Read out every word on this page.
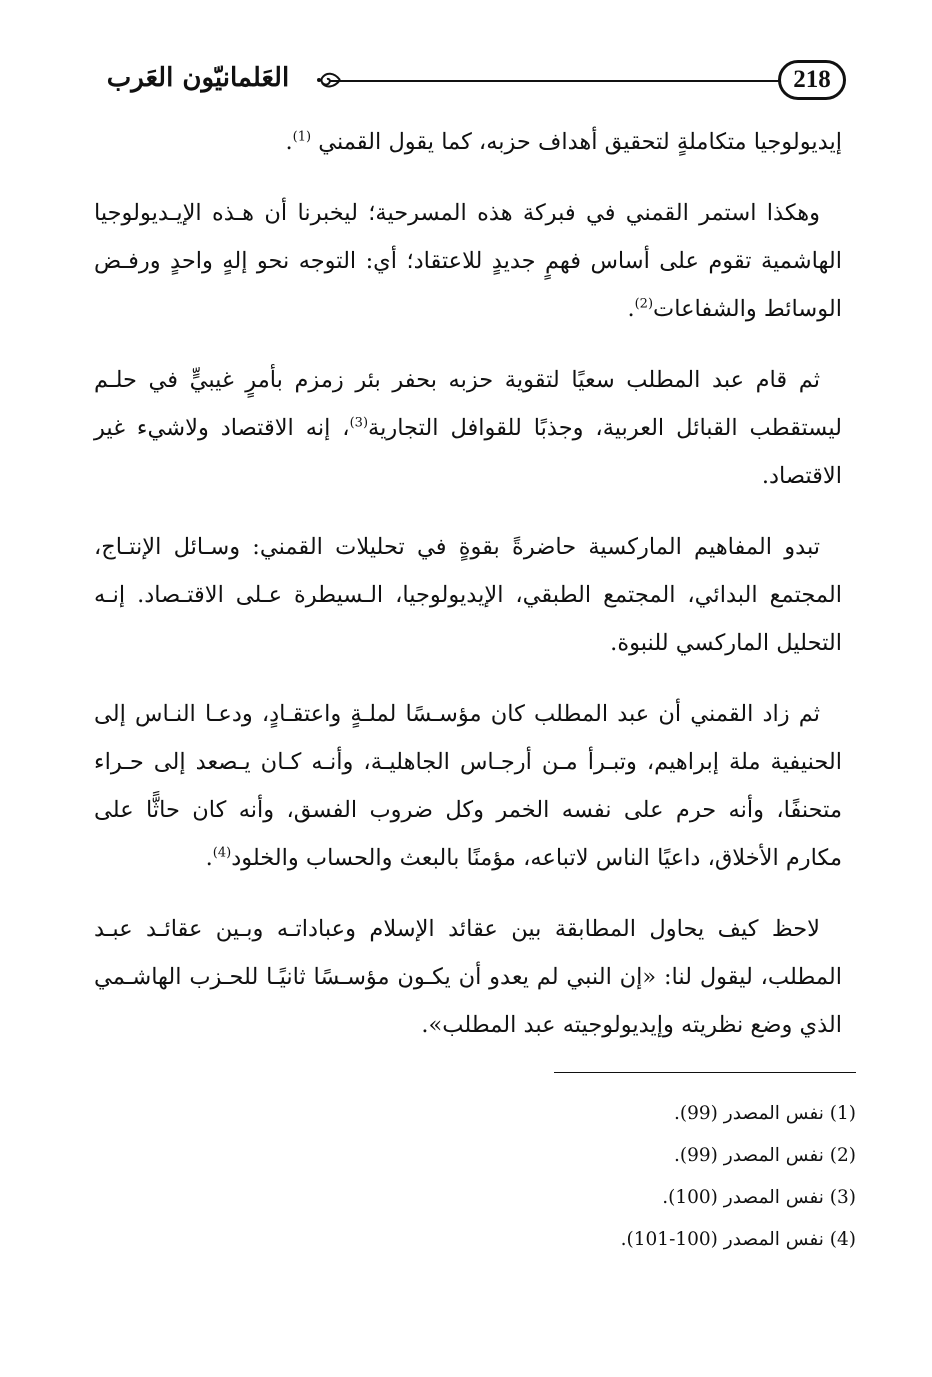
218
العَلمانيّون العَرب

إيديولوجيا متكاملةٍ لتحقيق أهداف حزبه، كما يقول القمني $^{(1)}$.

وهكذا استمر القمني في فبركة هذه المسرحية؛ ليخبرنا أن هـذه الإيـديولوجيا الهاشمية تقوم على أساس فهمٍ جديدٍ للاعتقاد؛ أي: التوجه نحو إلهٍ واحدٍ ورفـض الوسائط والشفاعات$^{(2)}$.

ثم قام عبد المطلب سعيًا لتقوية حزبه بحفر بئر زمزم بأمرٍ غيبيٍّ في حلـم ليستقطب القبائل العربية، وجذبًا للقوافل التجارية$^{(3)}$، إنه الاقتصاد ولاشيء غير الاقتصاد.

تبدو المفاهيم الماركسية حاضرةً بقوةٍ في تحليلات القمني: وسـائل الإنتـاج، المجتمع البدائي، المجتمع الطبقي، الإيديولوجيا، الـسيطرة عـلى الاقتـصاد. إنـه التحليل الماركسي للنبوة.

ثم زاد القمني أن عبد المطلب كان مؤسـسًا لملـةٍ واعتقـادٍ، ودعـا النـاس إلى الحنيفية ملة إبراهيم، وتبـرأ مـن أرجـاس الجاهليـة، وأنـه كـان يـصعد إلى حـراء متحنفًا، وأنه حرم على نفسه الخمر وكل ضروب الفسق، وأنه كان حاثًّا على مكارم الأخلاق، داعيًا الناس لاتباعه، مؤمنًا بالبعث والحساب والخلود$^{(4)}$.

لاحظ كيف يحاول المطابقة بين عقائد الإسلام وعباداتـه وبـين عقائـد عبـد المطلب، ليقول لنا: «إن النبي لم يعدو أن يكـون مؤسـسًا ثانيًـا للحـزب الهاشـمي الذي وضع نظريته وإيديولوجيته عبد المطلب».

(1) نفس المصدر (99).
(2) نفس المصدر (99).
(3) نفس المصدر (100).
(4) نفس المصدر (100-101).
